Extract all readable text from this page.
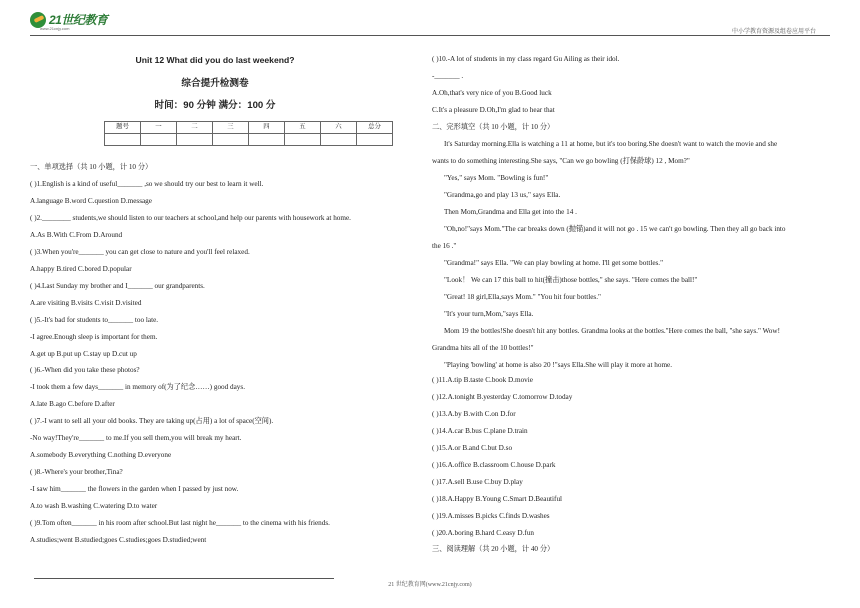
21世纪教育
www.21cnjy.com
中小学教育资源及组卷应用平台
Unit 12 What did you do last weekend?
综合提升检测卷
时间：90 分钟 满分：100 分
题号	一	二	三	四	五	六	总分

一、单项选择（共 10 小题，计 10 分）
( )1.English is a kind of useful_______ ,so we should try our best to learn it well.
A.language B.word C.question D.message
( )2.________ students,we should listen to our teachers at school,and help our parents with housework at home.
A.As B.With C.From D.Around
( )3.When you're_______ you can get close to nature and you'll feel relaxed.
A.happy B.tired C.bored D.popular
( )4.Last Sunday my brother and I_______ our grandparents.
A.are visiting B.visits C.visit D.visited
( )5.-It's bad for students to_______ too late.
-I agree.Enough sleep is important for them.
A.get up B.put up C.stay up D.cut up
( )6.-When did you take these photos?
-I took them a few days_______ in memory of(为了纪念……) good days.
A.late B.ago C.before D.after
( )7.-I want to sell all your old books. They are taking up(占用) a lot of space(空间).
-No way!They're_______ to me.If you sell them,you will break my heart.
A.somebody B.everything C.nothing D.everyone
( )8.-Where's your brother,Tina?
-I saw him_______ the flowers in the garden when I passed by just now.
A.to wash B.washing C.watering D.to water
( )9.Tom often_______ in his room after school.But last night he_______ to the cinema with his friends.
A.studies;went B.studied;goes C.studies;goes D.studied;went
( )10.-A lot of students in my class regard Gu Ailing as their idol.
-_______ .
A.Oh,that's very nice of you B.Good luck
C.It's a pleasure D.Oh,I'm glad to hear that
二、完形填空（共 10 小题，计 10 分）
It's Saturday morning.Ella is watching a 11 at home, but it's too boring.She doesn't want to watch the movie and she
wants to do something interesting.She says, "Can we go bowling (打保龄球) 12 , Mom?"
"Yes," says Mom. "Bowling is fun!"
"Grandma,go and play 13 us," says Ella.
Then Mom,Grandma and Ella get into the 14 .
"Oh,no!"says Mom."The car breaks down (抛锚)and it will not go . 15 we can't go bowling. Then they all go back into
the 16 ."
"Grandma!" says Ella. "We can play bowling at home. I'll get some bottles."
"Look！ We can 17 this ball to hit(撞击)those bottles," she says. "Here comes the ball!"
"Great! 18 girl,Ella,says Mom." "You hit four bottles."
"It's your turn,Mom,"says Ella.
Mom 19 the bottles!She doesn't hit any bottles. Grandma looks at the bottles."Here comes the ball, "she says." Wow!
Grandma hits all of the 10 bottles!"
"Playing 'bowling' at home is also 20 !"says Ella.She will play it more at home.
( )11.A.tip B.taste C.book D.movie
( )12.A.tonight B.yesterday C.tomorrow D.today
( )13.A.by B.with C.on D.for
( )14.A.car B.bus C.plane D.train
( )15.A.or B.and C.but D.so
( )16.A.office B.classroom C.house D.park
( )17.A.sell B.use C.buy D.play
( )18.A.Happy B.Young C.Smart D.Beautiful
( )19.A.misses B.picks C.finds D.washes
( )20.A.boring B.hard C.easy D.fun
三、阅读理解（共 20 小题，计 40 分）
21 世纪教育网(www.21cnjy.com)
